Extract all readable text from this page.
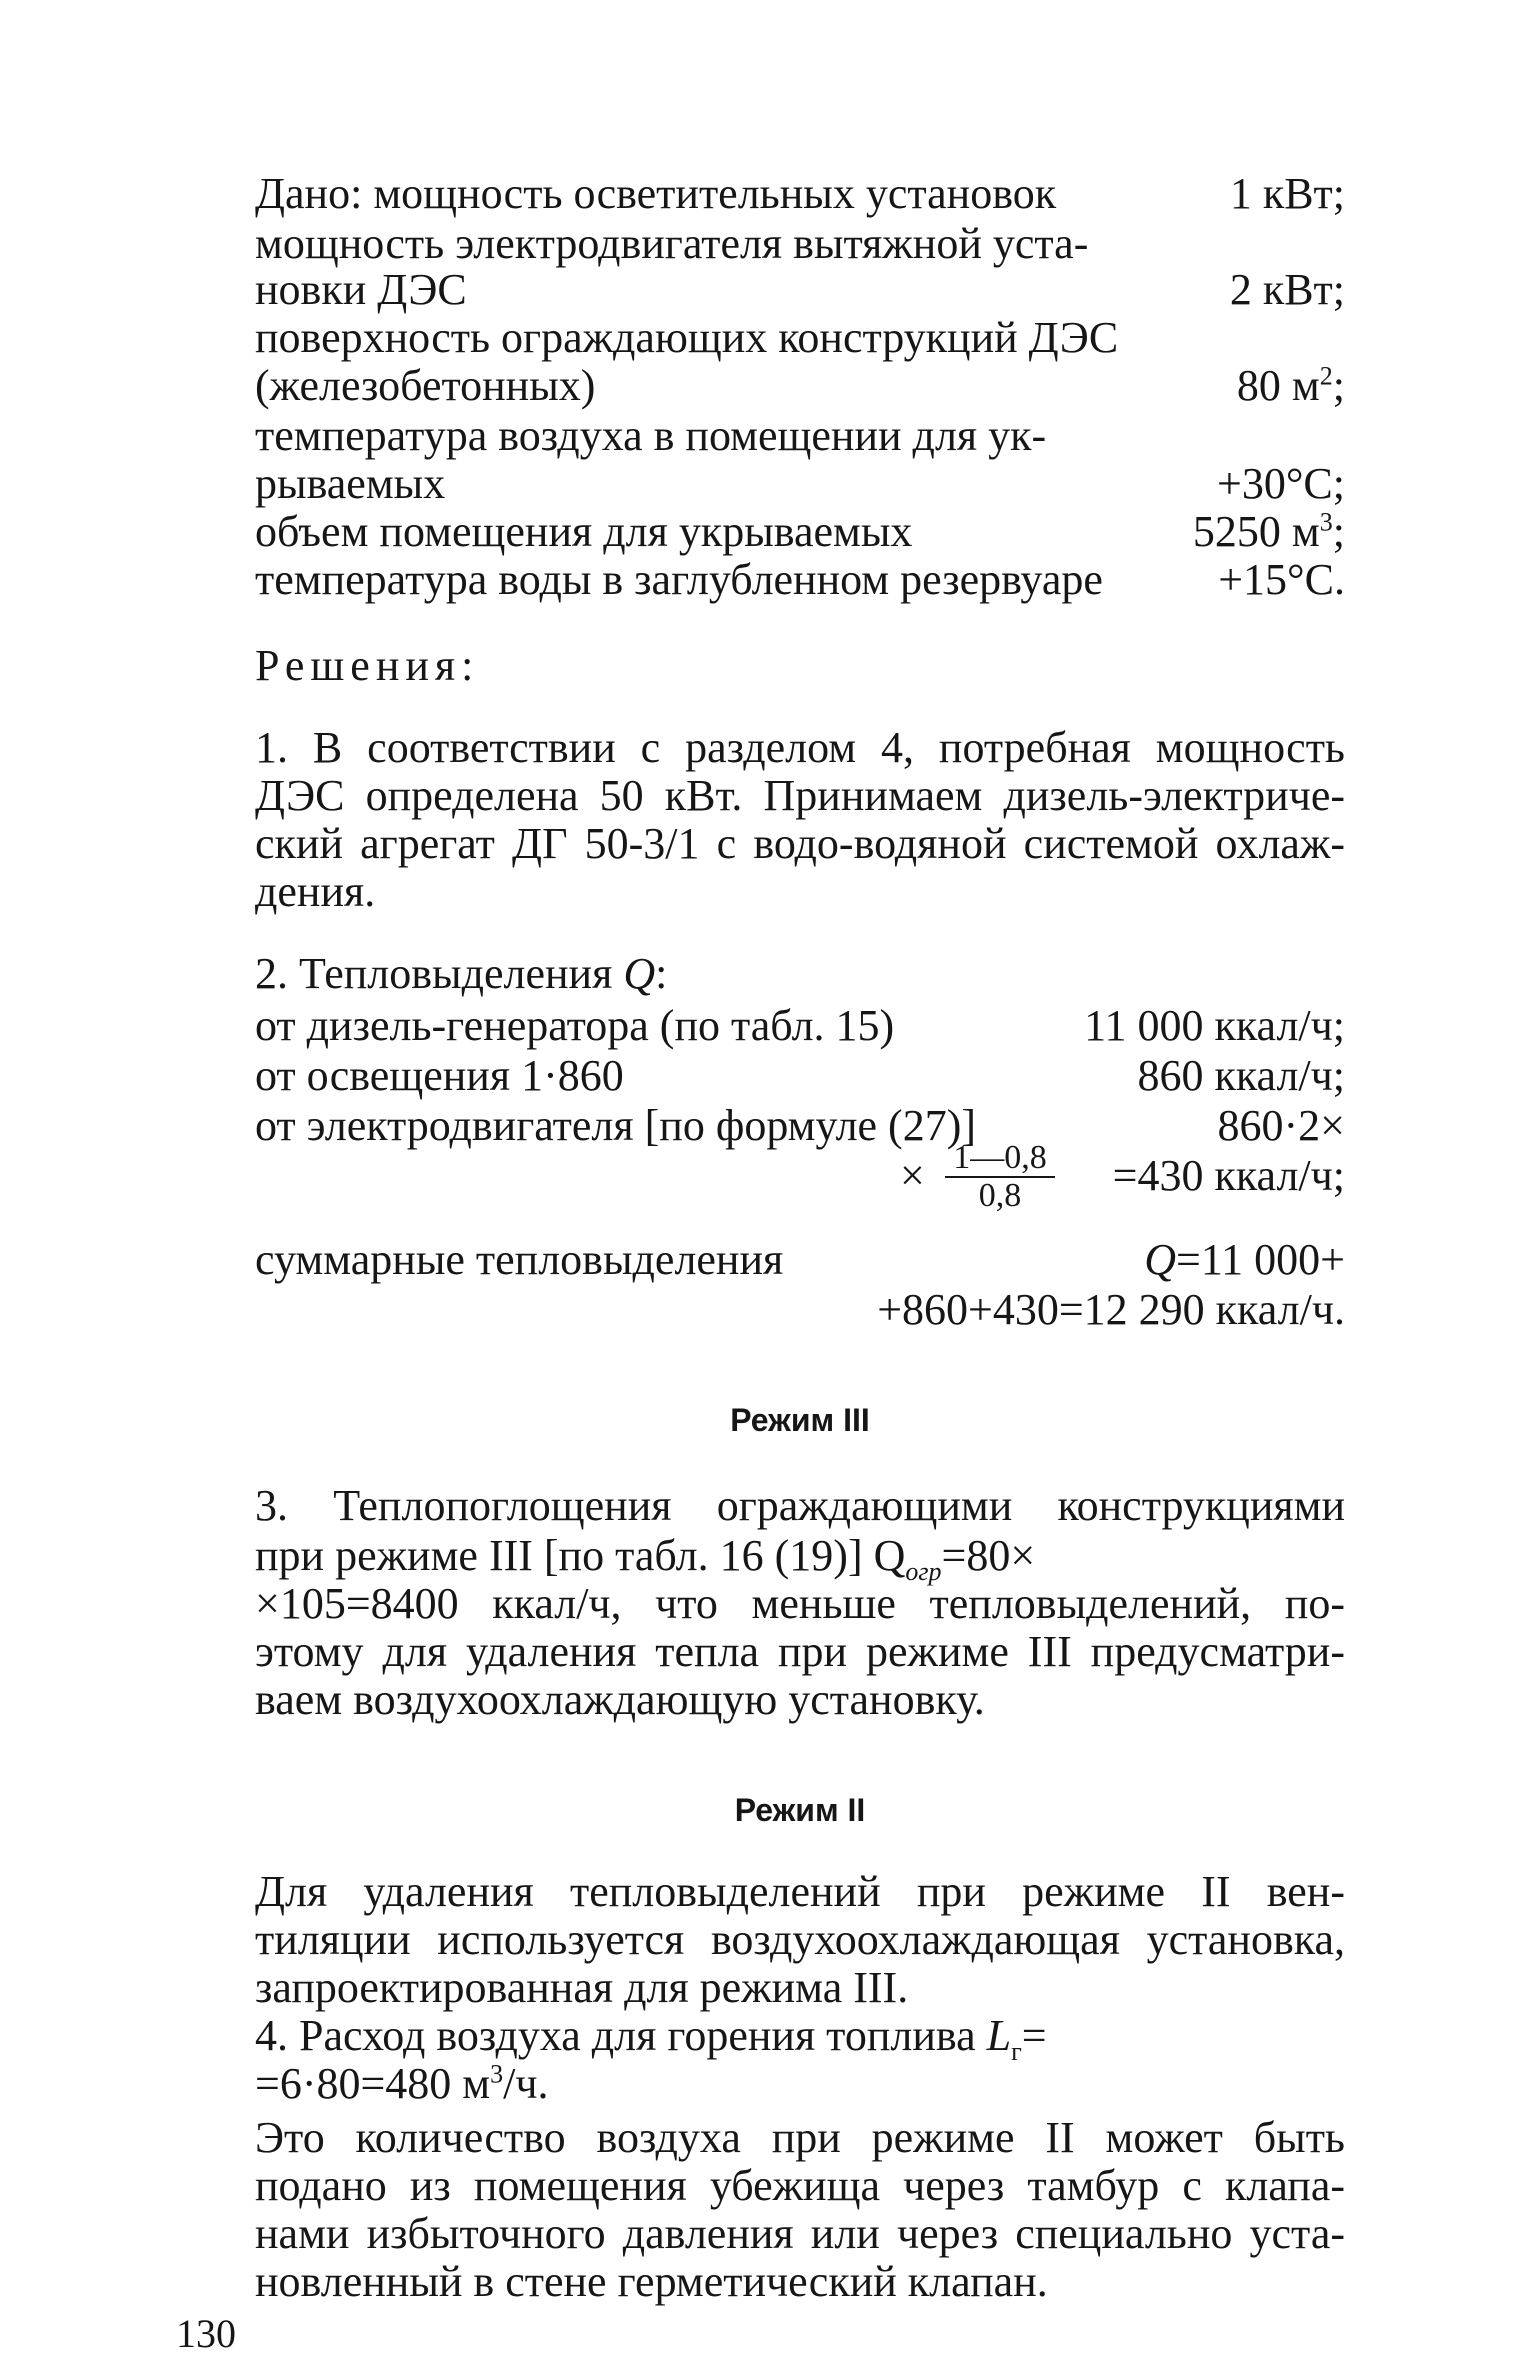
Дано: мощность осветительных установок	1 кВт;
мощность электродвигателя вытяжной уста-
новки ДЭС	2 кВт;
поверхность ограждающих конструкций ДЭС
(железобетонных)	80 $м^2$;
температура воздуха в помещении для ук-
рываемых	+30°С;
объем помещения для укрываемых	5250 $м^3$;
температура воды в заглубленном резервуаре	+15°С.
Решения:
1. В соответствии с разделом 4, потребная мощность
ДЭС определена 50 кВт. Принимаем дизель-электриче-
ский агрегат ДГ 50-3/1 с водо-водяной системой охлаж-
дения.
2. Тепловыделения Q:
от дизель-генератора (по табл. 15)	11 000 ккал/ч;
от освещения 1·860	860 ккал/ч;
от электродвигателя [по формуле (27)]	860·2×
× $\frac{1—0,8}{0,8} =430$ ккал/ч;
суммарные тепловыделения	Q=11 000+
+860+430=12 290 ккал/ч.
Режим III
3. Теплопоглощения ограждающими конструкциями
при режиме III [по табл. 16 (19)] $Q_{огр}=80\times$
×105=8400 ккал/ч, что меньше тепловыделений, по-
этому для удаления тепла при режиме III предусматри-
ваем воздухоохлаждающую установку.
Режим II
Для удаления тепловыделений при режиме II вен-
тиляции используется воздухоохлаждающая установка,
запроектированная для режима III.
4. Расход воздуха для горения топлива $L_г=$
=6·80=480 $м^3/ч$.
Это количество воздуха при режиме II может быть
130
подано из помещения убежища через тамбур с клапа-
нами избыточного давления или через специально уста-
новленный в стене герметический клапан.
